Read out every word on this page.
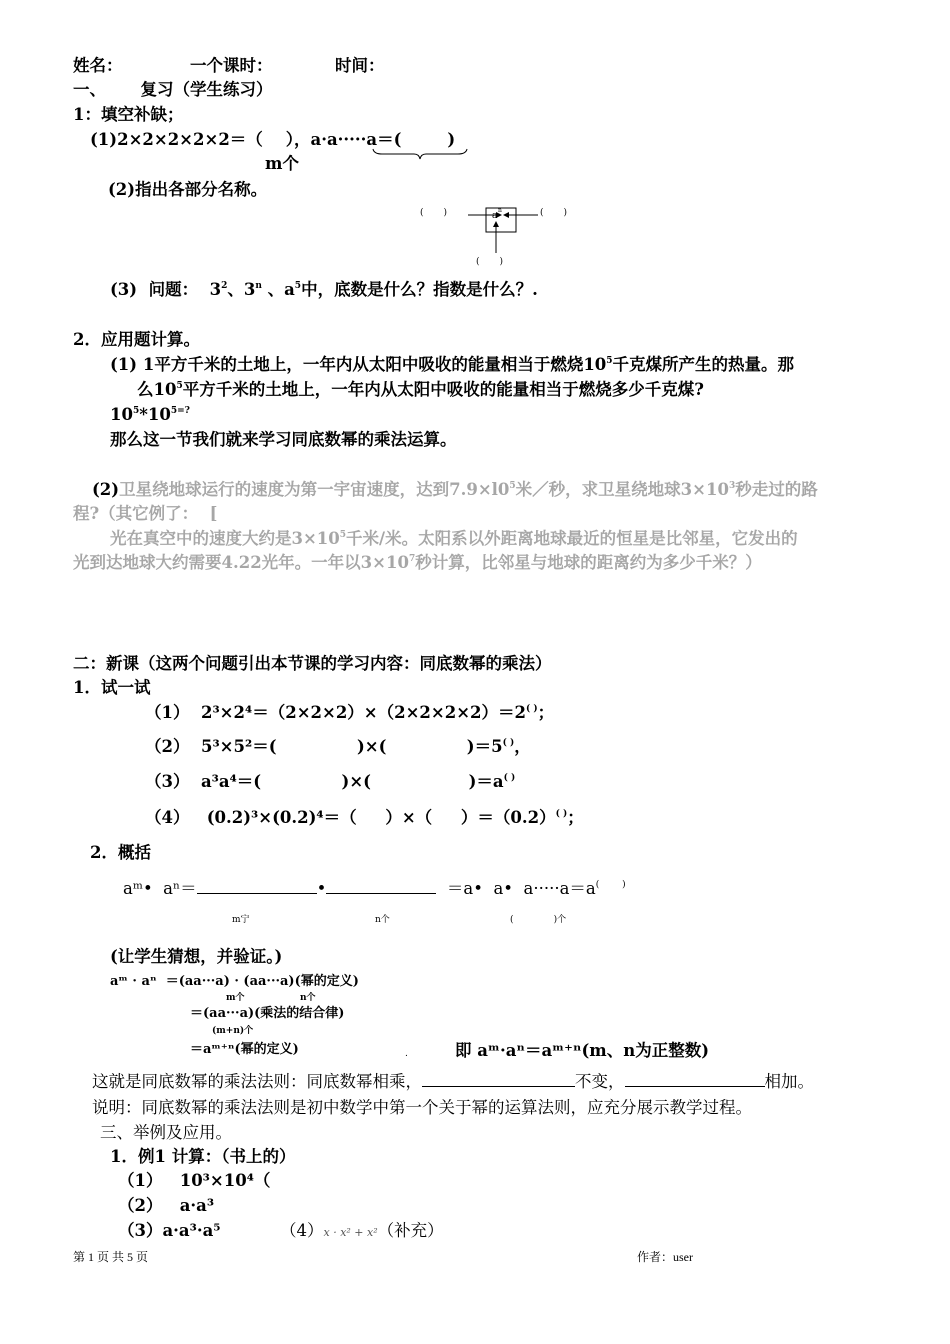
姓名：	一个课时：	时间：
一、      复习（学生练习）
1：填空补缺；
(1)2×2×2×2×2＝（    ），a·a·····a＝(        )
m个
(2)指出各部分名称。
(       )	a
n	(       )
(       )
(3)  问题：  $3^2$、3$^n$ 、$a^5$中，底数是什么？指数是什么？.
2．应用题计算。
(1) 1平方千米的土地上，一年内从太阳中吸收的能量相当于燃烧$10^5$千克煤所产生的热量。那
么$10^5$平方千米的土地上，一年内从太阳中吸收的能量相当于燃烧多少千克煤?
$10^5*10^{5=?}$
那么这一节我们就来学习同底数幂的乘法运算。
(2)卫星绕地球运行的速度为第一宇宙速度，达到$7.9\times l0^5$米／秒，求卫星绕地球$3\times 10^3$秒走过的路
程?（其它例了：  [
光在真空中的速度大约是$3\times 10^5$千米/米。太阳系以外距离地球最近的恒星是比邻星，它发出的
光到达地球大约需要4.22光年。一年以$3\times 10^7$秒计算，比邻星与地球的距离约为多少千米？）
二：新课（这两个问题引出本节课的学习内容：同底数幂的乘法）
1．试一试
（1）  2³×2⁴＝（2×2×2）×（2×2×2×2）＝2( )；
（2）  5³×5²＝(              )×(              )＝5( )，
（3）  a³a⁴＝(              )×(                 )＝a( )
（4）   (0.2)³×(0.2)⁴＝（     ）×（     ）＝（0.2）( )；
2．概括
aᵐ•  aⁿ＝	•	＝a•  a•  a·····a＝a(        )
m宁	n个	(              )个
(让学生猜想，并验证。)
aᵐ · aⁿ  ＝(aa···a) · (aa···a)(幂的定义)
m个	n个
＝(aa···a)(乘法的结合律)
(m+n)个
＝aᵐ⁺ⁿ(幂的定义)	.	即 aᵐ·aⁿ＝aᵐ⁺ⁿ(m、n为正整数)
这就是同底数幂的乘法法则：同底数幂相乘，	不变，	相加。
说明：同底数幂的乘法法则是初中数学中第一个关于幂的运算法则，应充分展示教学过程。
三、举例及应用。
1．例1 计算：（书上的）
（1）   10³×10⁴（
（2）   a·a³
（3）a·a³·a⁵	（4）x · x² + x²（补充）
第 1 页 共 5 页	作者：user
